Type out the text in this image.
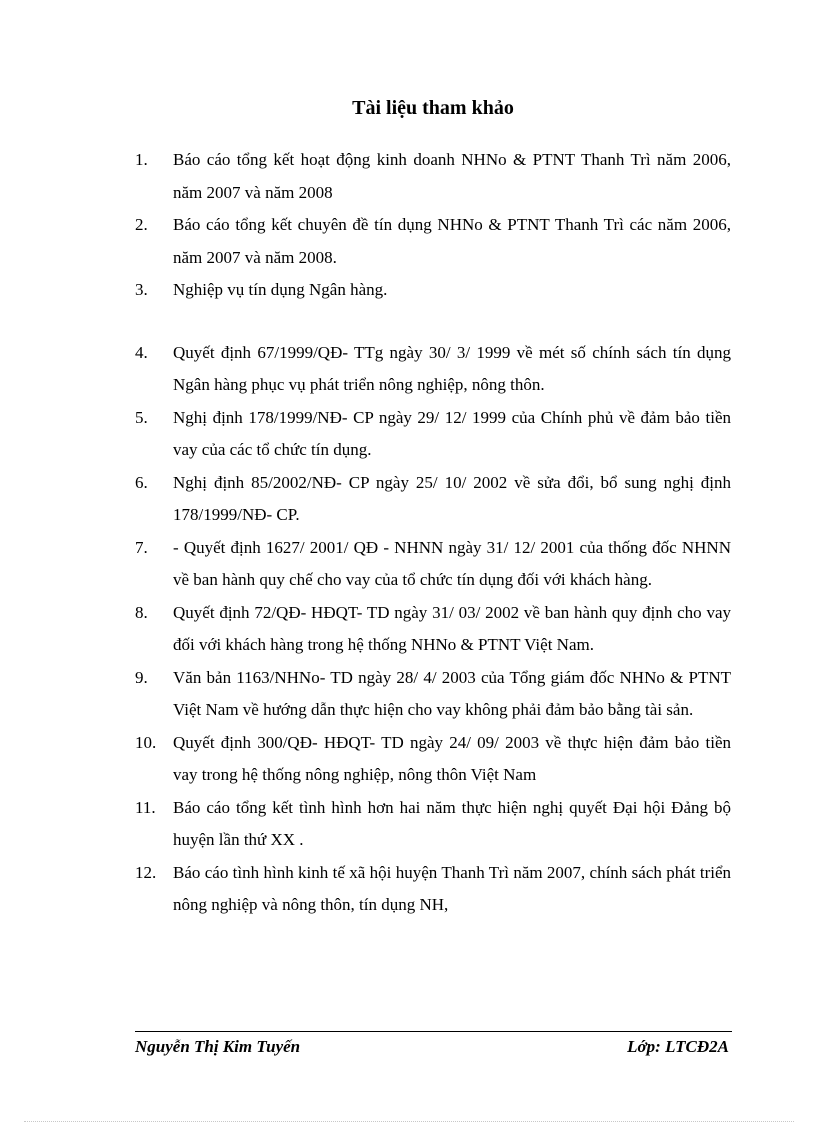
Tài liệu tham khảo
1.	Báo cáo tổng kết hoạt động kinh doanh NHNo & PTNT Thanh Trì năm 2006, năm 2007 và năm 2008
2.	Báo cáo tổng kết chuyên đề tín dụng NHNo & PTNT Thanh Trì các năm 2006, năm 2007 và năm 2008.
3.	Nghiệp vụ tín dụng Ngân hàng.
4.	Quyết định 67/1999/QĐ- TTg ngày 30/ 3/ 1999 về mét số chính sách tín dụng Ngân hàng phục vụ phát triển nông nghiệp, nông thôn.
5.	Nghị định 178/1999/NĐ- CP ngày 29/ 12/ 1999 của Chính phủ về đảm bảo tiền vay của các tổ chức tín dụng.
6.	Nghị định 85/2002/NĐ- CP ngày 25/ 10/ 2002 về sửa đổi, bổ sung nghị định 178/1999/NĐ- CP.
7.	- Quyết định 1627/ 2001/ QĐ - NHNN ngày 31/ 12/ 2001 của thống đốc NHNN về ban hành quy chế cho vay của tổ chức tín dụng đối với khách hàng.
8.	Quyết định 72/QĐ- HĐQT- TD ngày 31/ 03/ 2002 về ban hành quy định cho vay đối với khách hàng trong hệ thống NHNo & PTNT Việt Nam.
9.	Văn bản 1163/NHNo- TD ngày 28/ 4/ 2003 của Tổng giám đốc NHNo & PTNT Việt Nam về hướng dẫn thực hiện cho vay không phải đảm bảo bằng tài sản.
10. Quyết định 300/QĐ- HĐQT- TD ngày 24/ 09/ 2003 về thực hiện đảm bảo tiền vay trong hệ thống nông nghiệp, nông thôn Việt Nam
11.	Báo cáo tổng kết tình hình hơn hai năm thực hiện nghị quyết Đại hội Đảng bộ huyện lần thứ XX .
12. Báo cáo tình hình kinh tế xã hội huyện Thanh Trì năm 2007, chính sách phát triển nông nghiệp và nông thôn, tín dụng NH,
Nguyễn Thị Kim Tuyến	Lớp: LTCĐ2A
